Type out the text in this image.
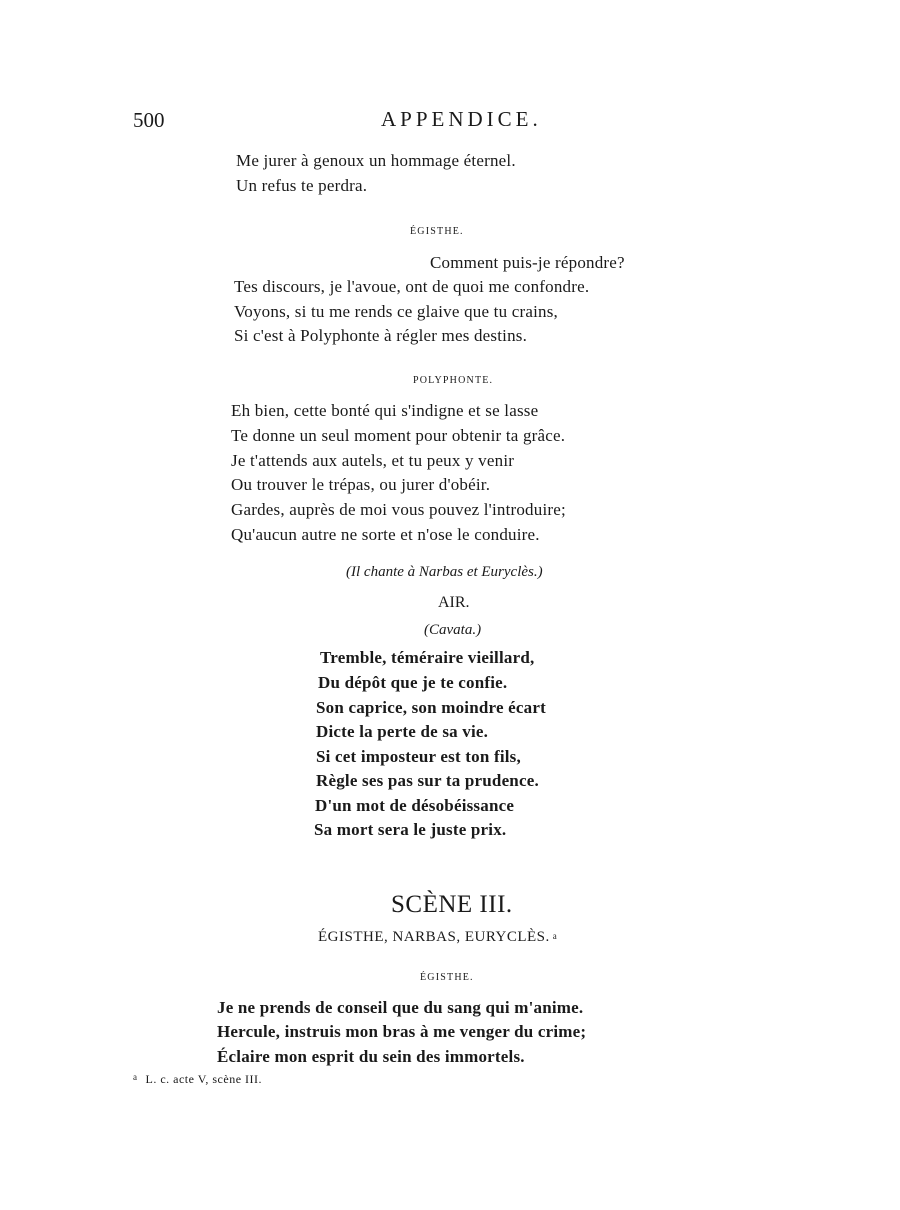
500	APPENDICE.
Me jurer à genoux un hommage éternel.
Un refus te perdra.
ÉGISTHE.
Comment puis-je répondre?
Tes discours, je l'avoue, ont de quoi me confondre.
Voyons, si tu me rends ce glaive que tu crains,
Si c'est à Polyphonte à régler mes destins.
POLYPHONTE.
Eh bien, cette bonté qui s'indigne et se lasse
Te donne un seul moment pour obtenir ta grâce.
Je t'attends aux autels, et tu peux y venir
Ou trouver le trépas, ou jurer d'obéir.
Gardes, auprès de moi vous pouvez l'introduire;
Qu'aucun autre ne sorte et n'ose le conduire.
(Il chante à Narbas et Euryclès.)
AIR.
(Cavata.)
Tremble, téméraire vieillard,
Du dépôt que je te confie.
Son caprice, son moindre écart
Dicte la perte de sa vie.
Si cet imposteur est ton fils,
Règle ses pas sur ta prudence.
D'un mot de désobéissance
Sa mort sera le juste prix.
SCÈNE III.
ÉGISTHE, NARBAS, EURYCLÈS. $^a$
ÉGISTHE.
Je ne prends de conseil que du sang qui m'anime.
Hercule, instruis mon bras à me venger du crime;
Éclaire mon esprit du sein des immortels.
$^a$ L. c. acte V, scène III.
